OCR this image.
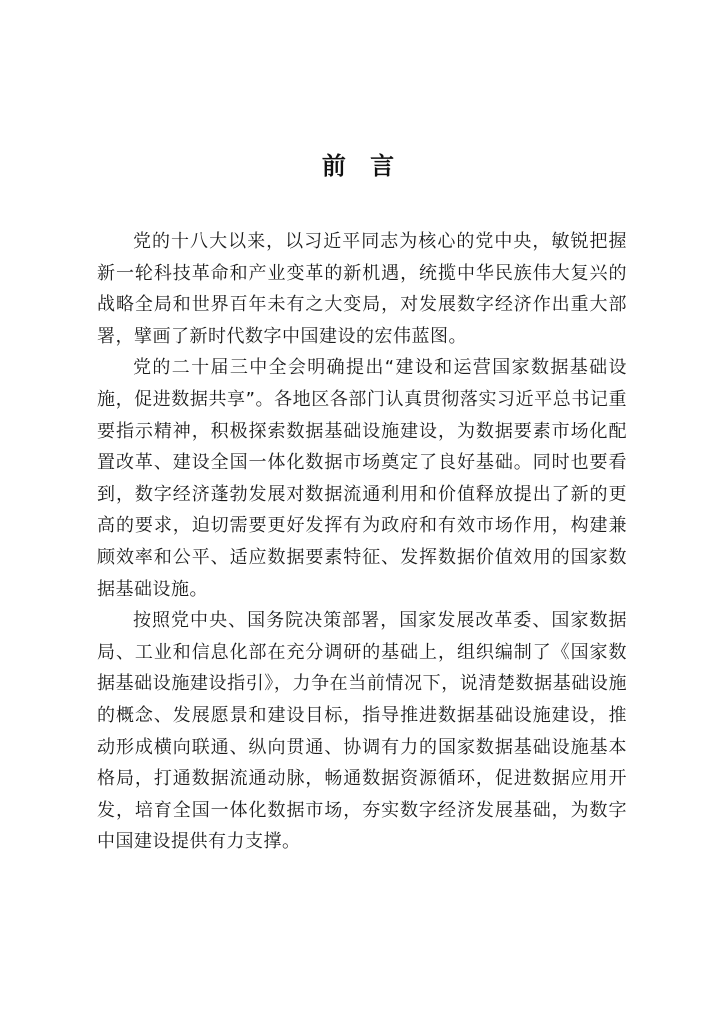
前 言

党的十八大以来，以习近平同志为核心的党中央，敏锐把握新一轮科技革命和产业变革的新机遇，统揽中华民族伟大复兴的战略全局和世界百年未有之大变局，对发展数字经济作出重大部署，擘画了新时代数字中国建设的宏伟蓝图。

党的二十届三中全会明确提出“建设和运营国家数据基础设施，促进数据共享”。各地区各部门认真贯彻落实习近平总书记重要指示精神，积极探索数据基础设施建设，为数据要素市场化配置改革、建设全国一体化数据市场奠定了良好基础。同时也要看到，数字经济蓬勃发展对数据流通利用和价值释放提出了新的更高的要求，迫切需要更好发挥有为政府和有效市场作用，构建兼顾效率和公平、适应数据要素特征、发挥数据价值效用的国家数据基础设施。

按照党中央、国务院决策部署，国家发展改革委、国家数据局、工业和信息化部在充分调研的基础上，组织编制了《国家数据基础设施建设指引》，力争在当前情况下，说清楚数据基础设施的概念、发展愿景和建设目标，指导推进数据基础设施建设，推动形成横向联通、纵向贯通、协调有力的国家数据基础设施基本格局，打通数据流通动脉，畅通数据资源循环，促进数据应用开发，培育全国一体化数据市场，夯实数字经济发展基础，为数字中国建设提供有力支撑。
